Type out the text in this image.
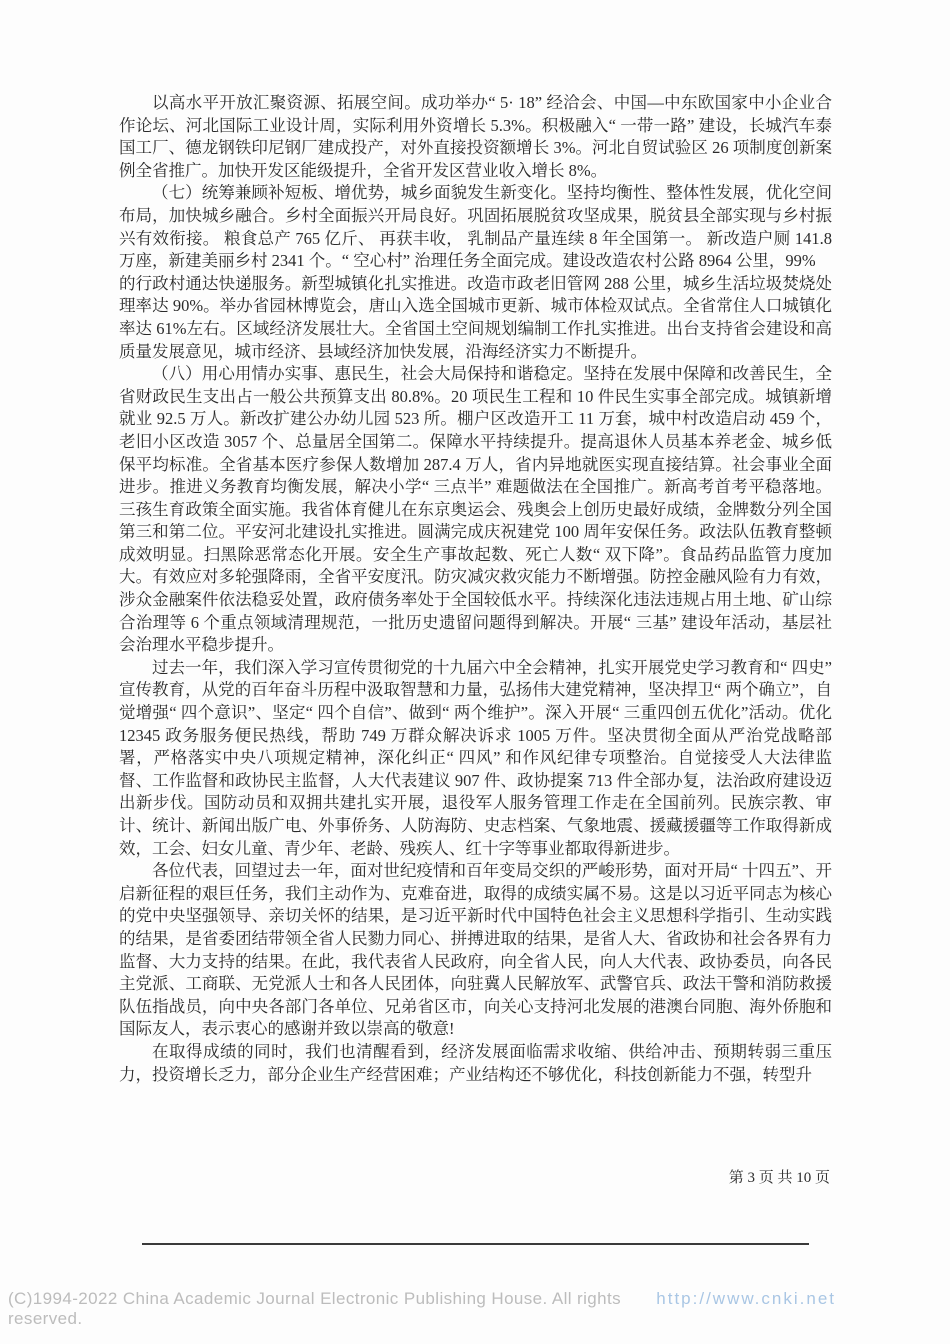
以高水平开放汇聚资源、拓展空间。成功举办“ 5· 18” 经洽会、中国—中东欧国家中小企业合作论坛、河北国际工业设计周，实际利用外资增长 5.3%。积极融入“ 一带一路” 建设，长城汽车泰国工厂、德龙钢铁印尼钢厂建成投产，对外直接投资额增长 3%。河北自贸试验区 26 项制度创新案例全省推广。加快开发区能级提升，全省开发区营业收入增长 8%。

（七）统筹兼顾补短板、增优势，城乡面貌发生新变化。坚持均衡性、整体性发展，优化空间布局，加快城乡融合。乡村全面振兴开局良好。巩固拓展脱贫攻坚成果，脱贫县全部实现与乡村振兴有效衔接。 粮食总产 765 亿斤、 再获丰收， 乳制品产量连续 8 年全国第一。 新改造户厕 141.8 万座，新建美丽乡村 2341 个。“ 空心村” 治理任务全面完成。建设改造农村公路 8964 公里，99%

的行政村通达快递服务。新型城镇化扎实推进。改造市政老旧管网 288 公里，城乡生活垃圾焚烧处理率达 90%。举办省园林博览会，唐山入选全国城市更新、城市体检双试点。全省常住人口城镇化率达 61%左右。区域经济发展壮大。全省国土空间规划编制工作扎实推进。出台支持省会建设和高质量发展意见，城市经济、县域经济加快发展，沿海经济实力不断提升。

（八）用心用情办实事、惠民生，社会大局保持和谐稳定。坚持在发展中保障和改善民生，全省财政民生支出占一般公共预算支出 80.8%。20 项民生工程和 10 件民生实事全部完成。城镇新增就业 92.5 万人。新改扩建公办幼儿园 523 所。棚户区改造开工 11 万套，城中村改造启动 459 个，老旧小区改造 3057 个、总量居全国第二。保障水平持续提升。提高退休人员基本养老金、城乡低保平均标准。全省基本医疗参保人数增加 287.4 万人，省内异地就医实现直接结算。社会事业全面进步。推进义务教育均衡发展，解决小学“ 三点半” 难题做法在全国推广。新高考首考平稳落地。三孩生育政策全面实施。我省体育健儿在东京奥运会、残奥会上创历史最好成绩，金牌数分列全国第三和第二位。平安河北建设扎实推进。圆满完成庆祝建党 100 周年安保任务。政法队伍教育整顿成效明显。扫黑除恶常态化开展。安全生产事故起数、死亡人数“ 双下降”。食品药品监管力度加大。有效应对多轮强降雨，全省平安度汛。防灾减灾救灾能力不断增强。防控金融风险有力有效，涉众金融案件依法稳妥处置，政府债务率处于全国较低水平。持续深化违法违规占用土地、矿山综合治理等 6 个重点领域清理规范，一批历史遗留问题得到解决。开展“ 三基” 建设年活动，基层社会治理水平稳步提升。

过去一年，我们深入学习宣传贯彻党的十九届六中全会精神，扎实开展党史学习教育和“ 四史” 宣传教育，从党的百年奋斗历程中汲取智慧和力量，弘扬伟大建党精神，坚决捍卫“ 两个确立”，自觉增强“ 四个意识”、坚定“ 四个自信”、做到“ 两个维护”。深入开展“ 三重四创五优化”活动。优化 12345 政务服务便民热线，帮助 749 万群众解决诉求 1005 万件。坚决贯彻全面从严治党战略部署，严格落实中央八项规定精神，深化纠正“ 四风” 和作风纪律专项整治。自觉接受人大法律监督、工作监督和政协民主监督，人大代表建议 907 件、政协提案 713 件全部办复，法治政府建设迈出新步伐。国防动员和双拥共建扎实开展，退役军人服务管理工作走在全国前列。民族宗教、审计、统计、新闻出版广电、外事侨务、人防海防、史志档案、气象地震、援藏援疆等工作取得新成效，工会、妇女儿童、青少年、老龄、残疾人、红十字等事业都取得新进步。

各位代表，回望过去一年，面对世纪疫情和百年变局交织的严峻形势，面对开局“ 十四五”、开启新征程的艰巨任务，我们主动作为、克难奋进，取得的成绩实属不易。这是以习近平同志为核心的党中央坚强领导、亲切关怀的结果，是习近平新时代中国特色社会主义思想科学指引、生动实践的结果，是省委团结带领全省人民勠力同心、拼搏进取的结果，是省人大、省政协和社会各界有力监督、大力支持的结果。在此，我代表省人民政府，向全省人民，向人大代表、政协委员，向各民主党派、工商联、无党派人士和各人民团体，向驻冀人民解放军、武警官兵、政法干警和消防救援队伍指战员，向中央各部门各单位、兄弟省区市，向关心支持河北发展的港澳台同胞、海外侨胞和国际友人，表示衷心的感谢并致以崇高的敬意!

在取得成绩的同时，我们也清醒看到，经济发展面临需求收缩、供给冲击、预期转弱三重压力，投资增长乏力，部分企业生产经营困难；产业结构还不够优化，科技创新能力不强，转型升

第 3 页 共 10 页
(C)1994-2022 China Academic Journal Electronic Publishing House. All rights reserved.
http://www.cnki.net
